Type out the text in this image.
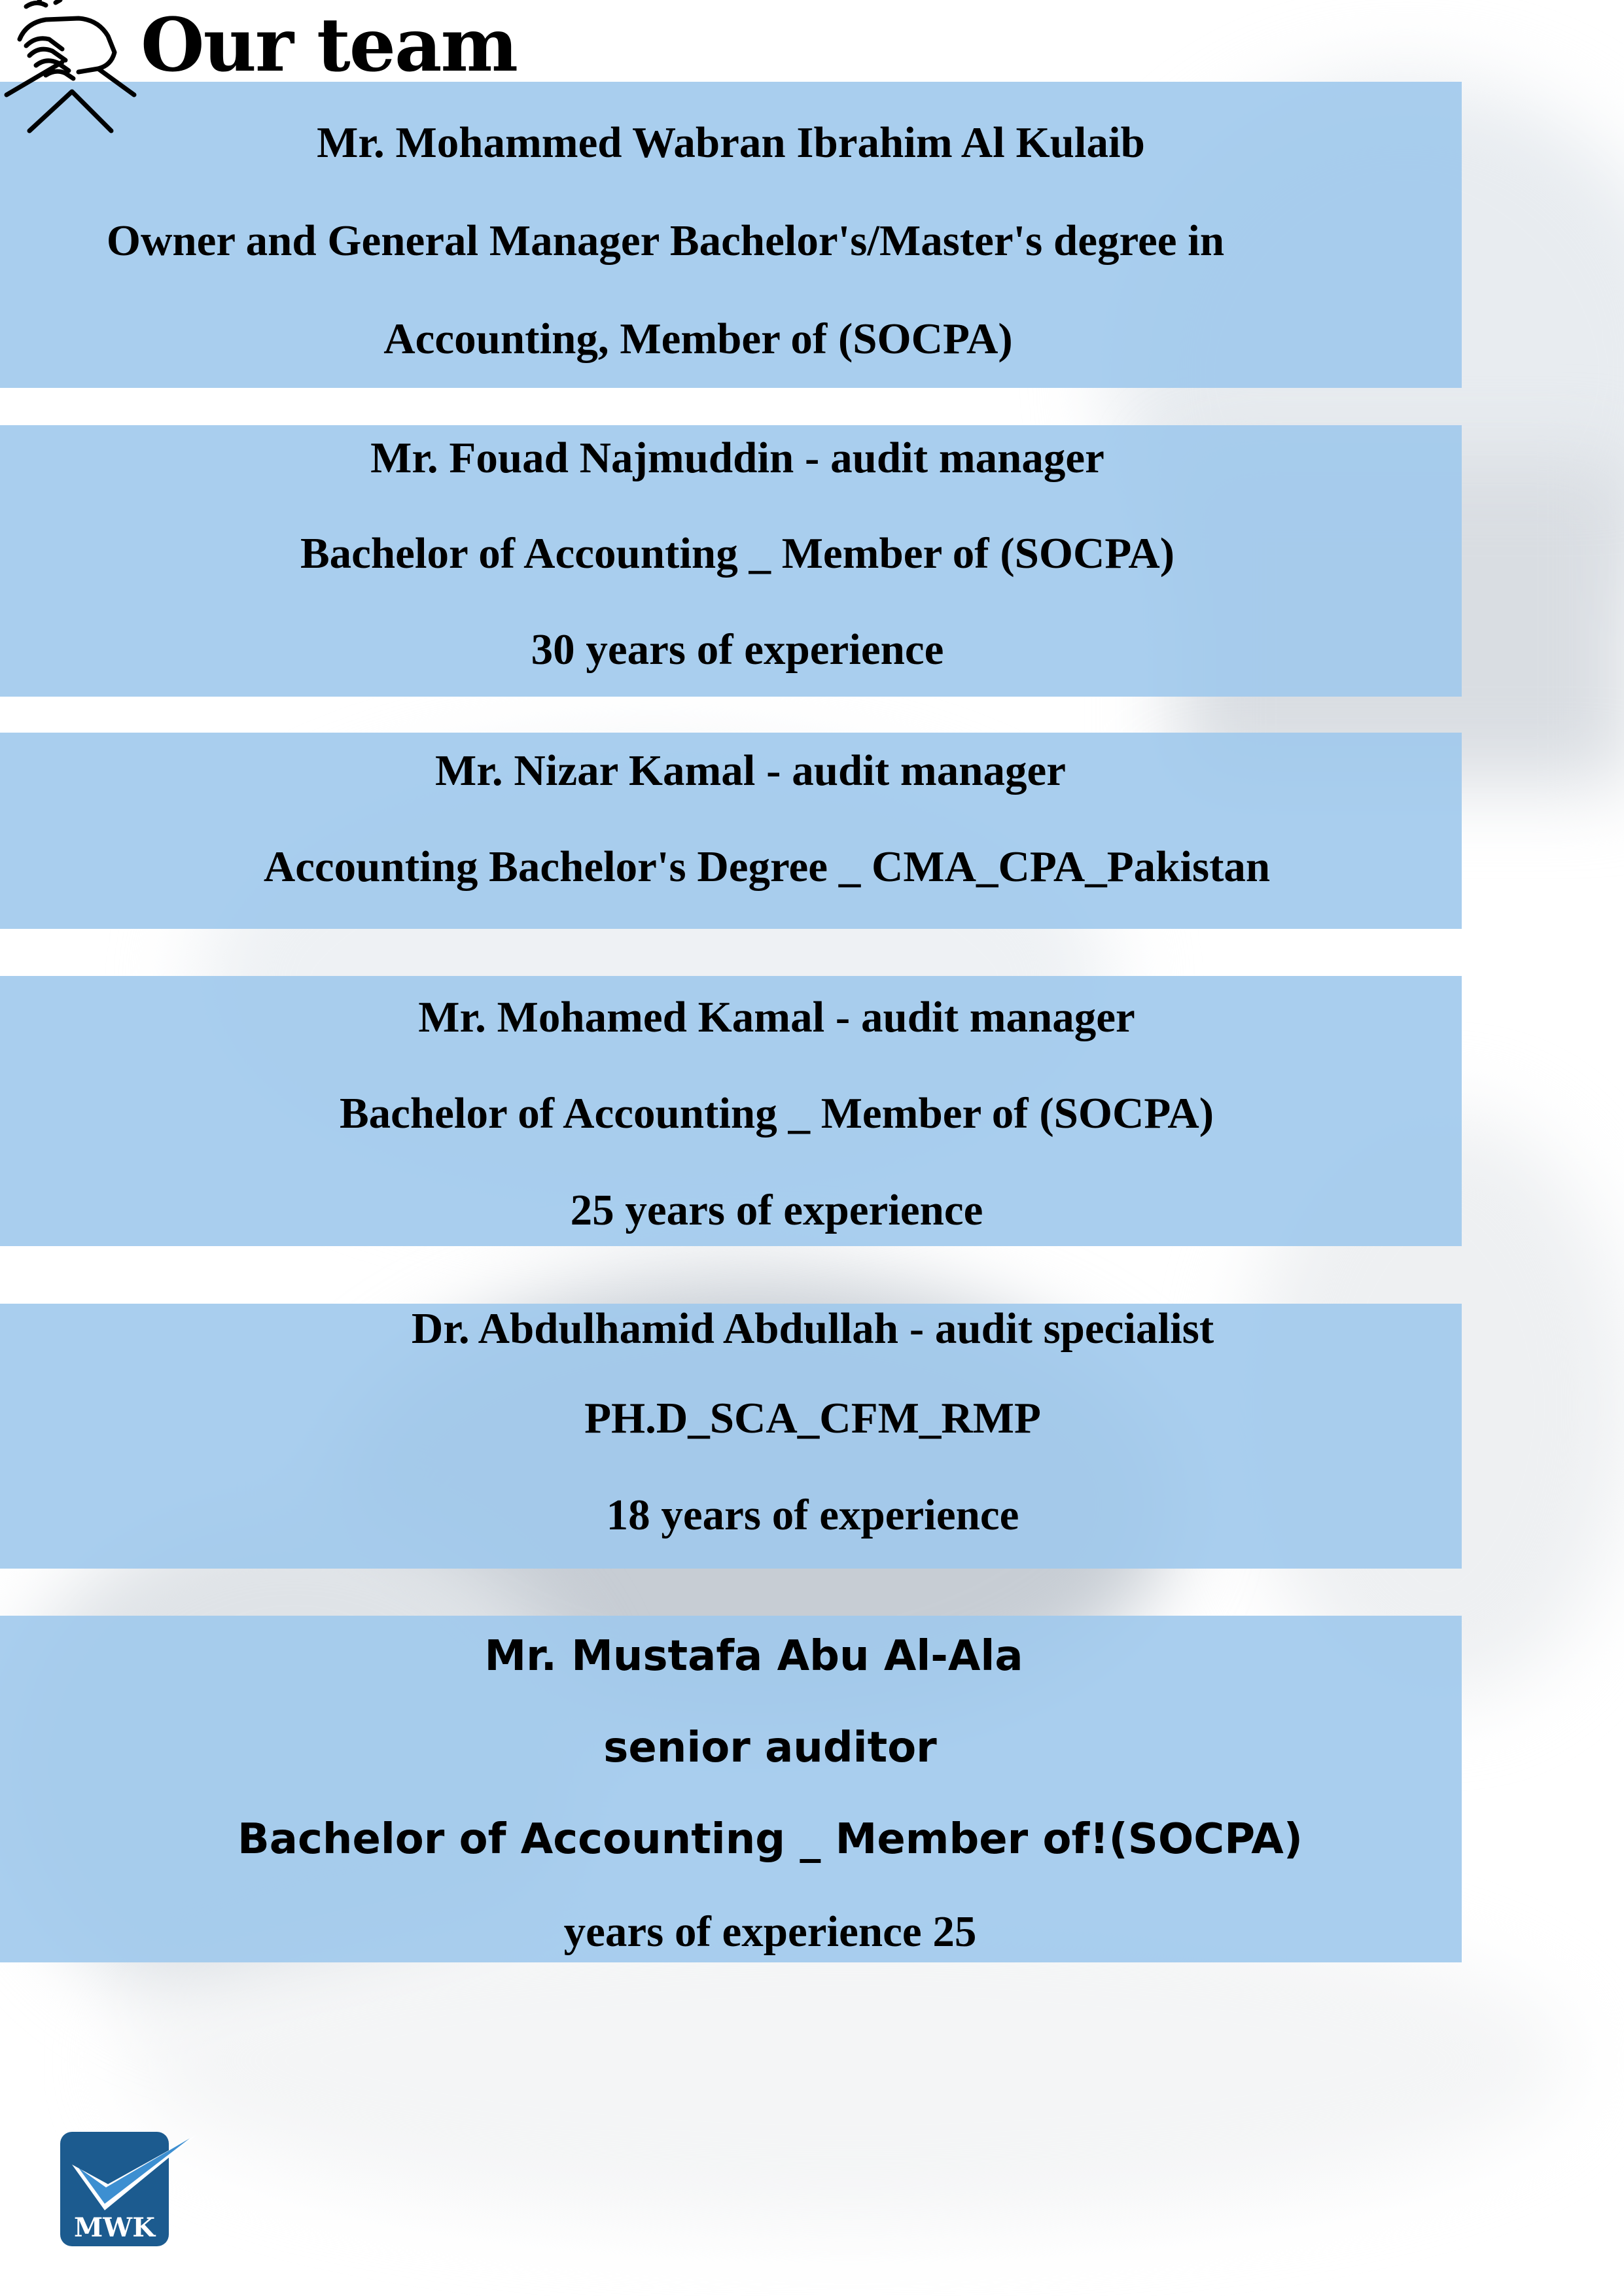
Our team
Mr. Mohammed Wabran Ibrahim Al Kulaib
Owner and General Manager Bachelor's/Master's degree in
Accounting, Member of (SOCPA)
Mr. Fouad Najmuddin - audit manager
Bachelor of Accounting _ Member of (SOCPA)
30 years of experience
Mr. Nizar Kamal - audit manager
Accounting Bachelor's Degree _ CMA_CPA_Pakistan
Mr. Mohamed Kamal - audit manager
Bachelor of Accounting _ Member of (SOCPA)
25 years of experience
Dr. Abdulhamid Abdullah - audit specialist
PH.D_SCA_CFM_RMP
18 years of experience
Mr. Mustafa Abu Al-Ala
senior auditor
Bachelor of Accounting _ Member of!(SOCPA)
years of experience 25
MWK
